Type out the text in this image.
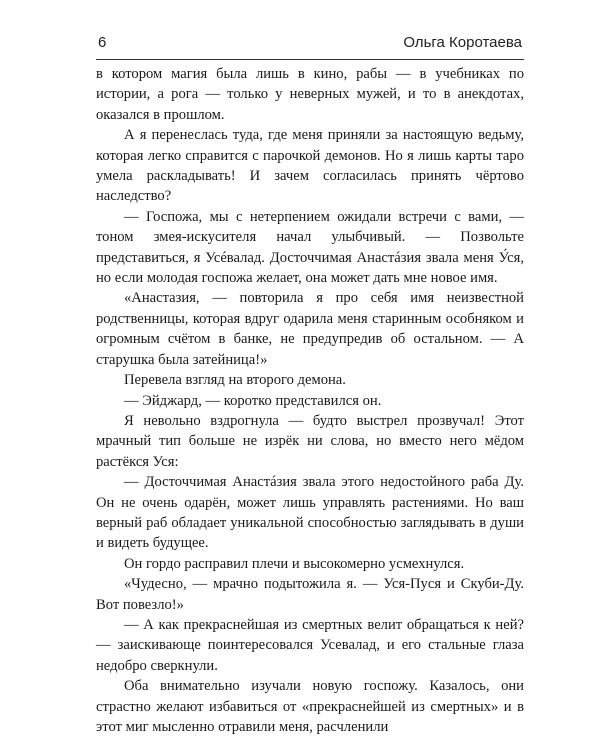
6	Ольга Коротаева

в котором магия была лишь в кино, рабы — в учебниках по истории, а рога — только у неверных мужей, и то в анекдотах, оказался в прошлом.

А я перенеслась туда, где меня приняли за настоящую ведьму, которая легко справится с парочкой демонов. Но я лишь карты таро умела раскладывать! И зачем согласилась принять чёртово наследство?

— Госпожа, мы с нетерпением ожидали встречи с вами, — тоном змея-искусителя начал улыбчивый. — Позвольте представиться, я Усéвалад. Досточчимая Анастáзия звала меня У́ся, но если молодая госпожа желает, она может дать мне новое имя.

«Анастазия, — повторила я про себя имя неизвестной родственницы, которая вдруг одарила меня старинным особняком и огромным счётом в банке, не предупредив об остальном. — А старушка была затейница!»

Перевела взгляд на второго демона.

— Эйджард, — коротко представился он.

Я невольно вздрогнула — будто выстрел прозвучал! Этот мрачный тип больше не изрёк ни слова, но вместо него мёдом растёкся Уся:

— Досточчимая Анастáзия звала этого недостойного раба Ду. Он не очень одарён, может лишь управлять растениями. Но ваш верный раб обладает уникальной способностью заглядывать в души и видеть будущее.

Он гордо расправил плечи и высокомерно усмехнулся.

«Чудесно, — мрачно подытожила я. — Уся-Пуся и Скуби-Ду. Вот повезло!»

— А как прекраснейшая из смертных велит обращаться к ней? — заискивающе поинтересовался Усевалад, и его стальные глаза недобро сверкнули.

Оба внимательно изучали новую госпожу. Казалось, они страстно желают избавиться от «прекраснейшей из смертных» и в этот миг мысленно отравили меня, расчленили
